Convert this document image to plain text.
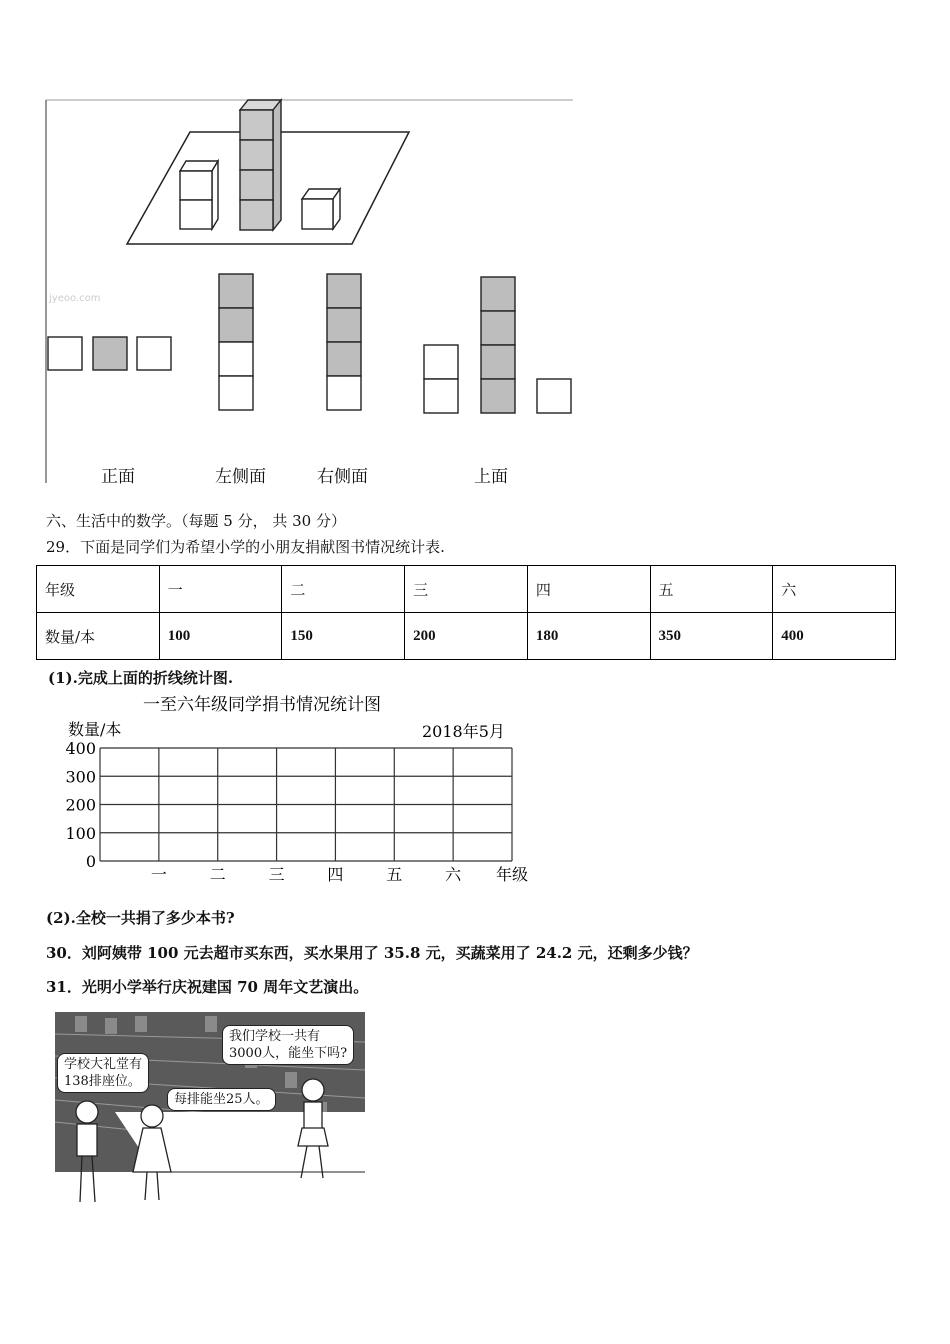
jyeoo.com
正面	左侧面	右侧面	上面
六、生活中的数学。（每题 5 分， 共 30 分）
29．下面是同学们为希望小学的小朋友捐献图书情况统计表.
年级	一	二	三	四	五	六
数量/本	100	150	200	180	350	400
(1).完成上面的折线统计图.
一至六年级同学捐书情况统计图
数量/本	2018年5月
0
100
200
300
400
一	二	三	四	五	六 年级
(2).全校一共捐了多少本书?
30．刘阿姨带 100 元去超市买东西，买水果用了 35.8 元，买蔬菜用了 24.2 元，还剩多少钱？
31．光明小学举行庆祝建国 70 周年文艺演出。
学校大礼堂有
138排座位。
每排能坐25人。
我们学校一共有
3000人，能坐下吗?
